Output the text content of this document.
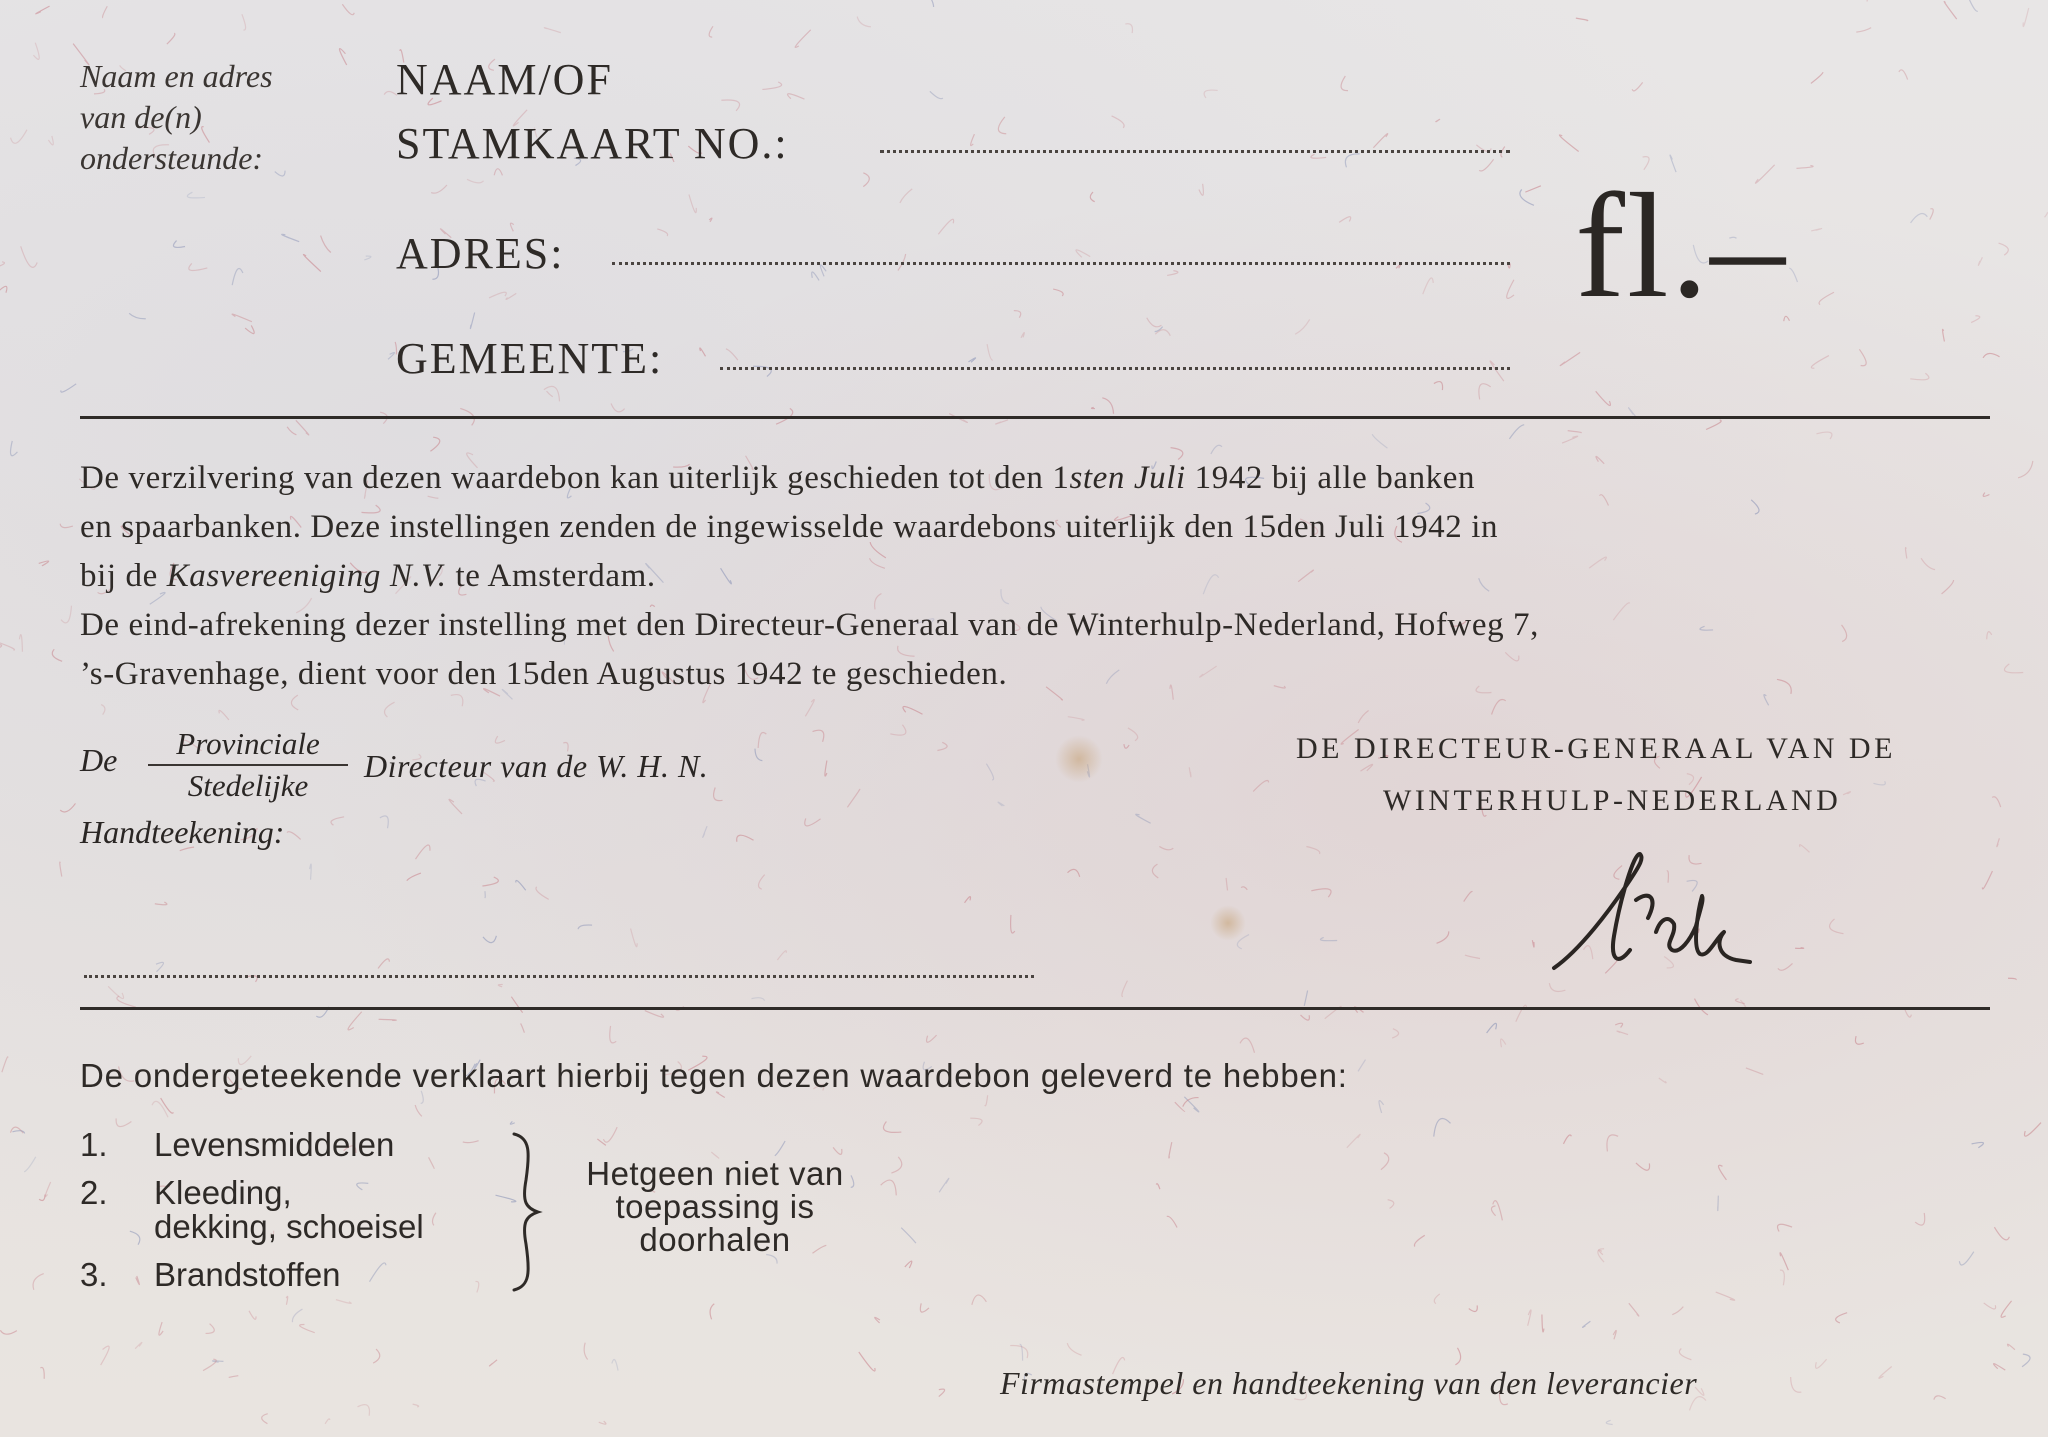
Naam en adres
van de(n)
ondersteunde:
NAAM/OF
STAMKAART NO.:
ADRES:
GEMEENTE:
fl.–
De verzilvering van dezen waardebon kan uiterlijk geschieden tot den 1sten Juli 1942 bij alle banken
en spaarbanken. Deze instellingen zenden de ingewisselde waardebons uiterlijk den 15den Juli 1942 in
bij de Kasvereeniging N.V. te Amsterdam.
De eind-afrekening dezer instelling met den Directeur-Generaal van de Winterhulp-Nederland, Hofweg 7,
’s-Gravenhage, dient voor den 15den Augustus 1942 te geschieden.
De	Provinciale
Stedelijke
Directeur van de W. H. N.
Handteekening:
DE DIRECTEUR-GENERAAL VAN DE
WINTERHULP-NEDERLAND
De ondergeteekende verklaart hierbij tegen dezen waardebon geleverd te hebben:
1.	Levensmiddelen
2.	Kleeding,
dekking, schoeisel
3.	Brandstoffen
Hetgeen niet van
toepassing is
doorhalen
Firmastempel en handteekening van den leverancier
